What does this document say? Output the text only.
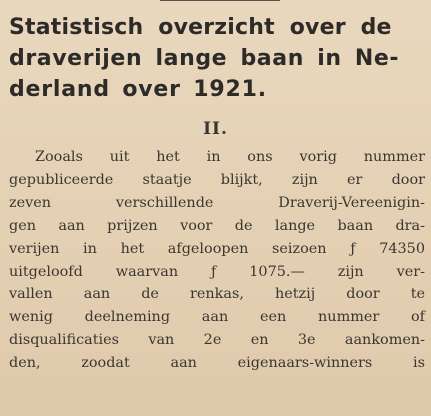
Statistisch overzicht over de
draverijen lange baan in Ne-
derland over 1921.
II.

Zooals uit het in ons vorig nummer
gepubliceerde staatje blijkt, zijn er door
zeven verschillende Draverij-Vereenigin-
gen aan prijzen voor de lange baan dra-
verijen in het afgeloopen seizoen ƒ 74350
uitgeloofd waarvan ƒ 1075.— zijn ver-
vallen aan de renkas, hetzij door te
wenig deelneming aan een nummer of
disqualificaties van 2e en 3e aankomen-
den, zoodat aan eigenaars-winners is
